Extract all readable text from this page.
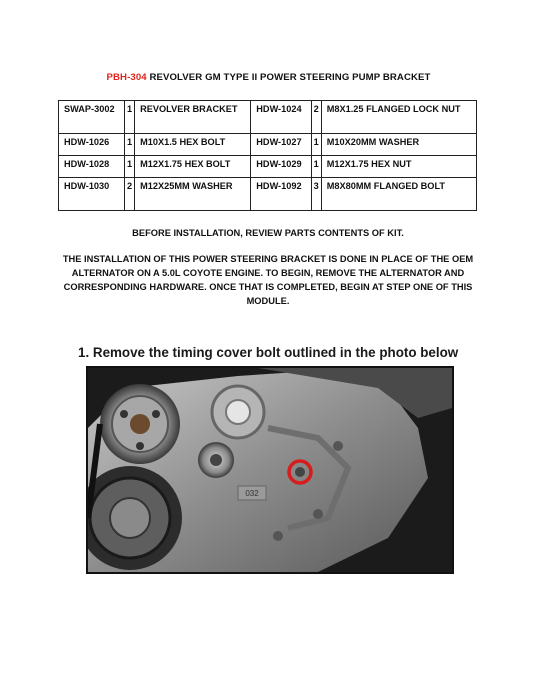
PBH-304 REVOLVER GM TYPE II POWER STEERING PUMP BRACKET
SWAP-3002	1	REVOLVER BRACKET	HDW-1024	2	M8X1.25 FLANGED LOCK NUT
HDW-1026	1	M10X1.5 HEX BOLT	HDW-1027	1	M10X20MM WASHER
HDW-1028	1	M12X1.75 HEX BOLT	HDW-1029	1	M12X1.75 HEX NUT
HDW-1030	2	M12X25MM WASHER	HDW-1092	3	M8X80MM FLANGED BOLT
BEFORE INSTALLATION, REVIEW PARTS CONTENTS OF KIT.
THE INSTALLATION OF THIS POWER STEERING BRACKET IS DONE IN PLACE OF THE OEM ALTERNATOR ON A 5.0L COYOTE ENGINE. TO BEGIN, REMOVE THE ALTERNATOR AND CORRESPONDING HARDWARE. ONCE THAT IS COMPLETED, BEGIN AT STEP ONE OF THIS MODULE.
1. Remove the timing cover bolt outlined in the photo below
032
